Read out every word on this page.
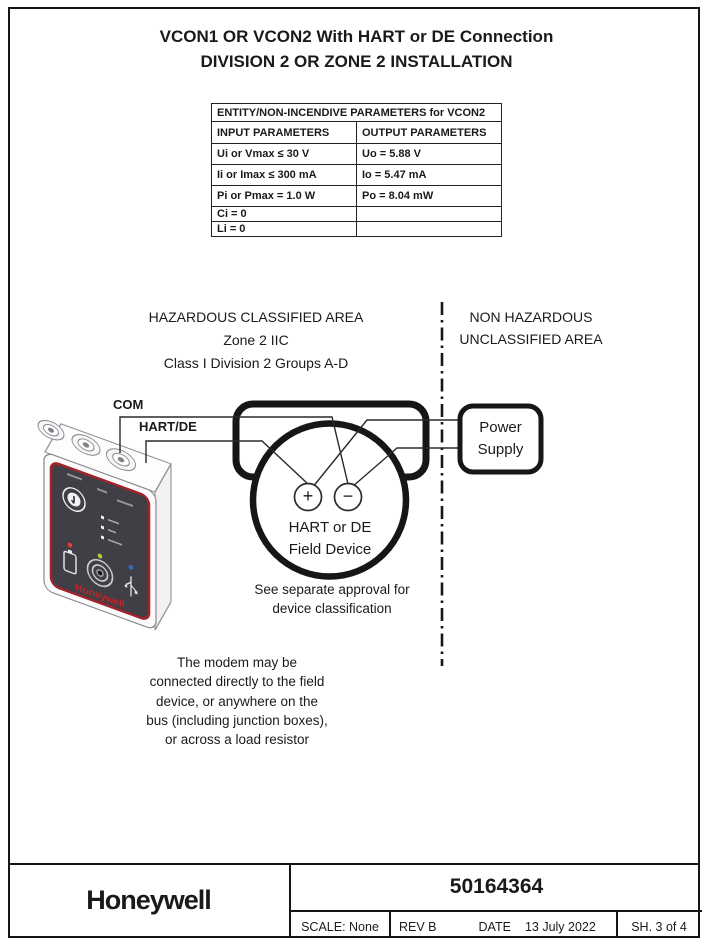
VCON1 OR VCON2 With HART or DE Connection
DIVISION 2 OR ZONE 2 INSTALLATION
ENTITY/NON-INCENDIVE PARAMETERS for VCON2	
INPUT PARAMETERS	OUTPUT PARAMETERS
Ui or Vmax ≤ 30 V	Uo = 5.88 V
Ii or Imax ≤ 300 mA	Io = 5.47 mA
Pi or Pmax = 1.0 W	Po = 8.04 mW
Ci = 0	
Li = 0	
Honeywell
HAZARDOUS CLASSIFIED AREA
Zone 2 IIC
Class I Division 2 Groups A-D
NON HAZARDOUS
UNCLASSIFIED AREA
COM
HART/DE
+	−
HART or DE
Field Device
Power
Supply
See separate approval for
device classification
The modem may be
connected directly to the field
device, or anywhere on the
bus (including junction boxes),
or across a load resistor
Honeywell	50164364
SCALE: None	REV B	DATE 13 July 2022	SH. 3 of 4
